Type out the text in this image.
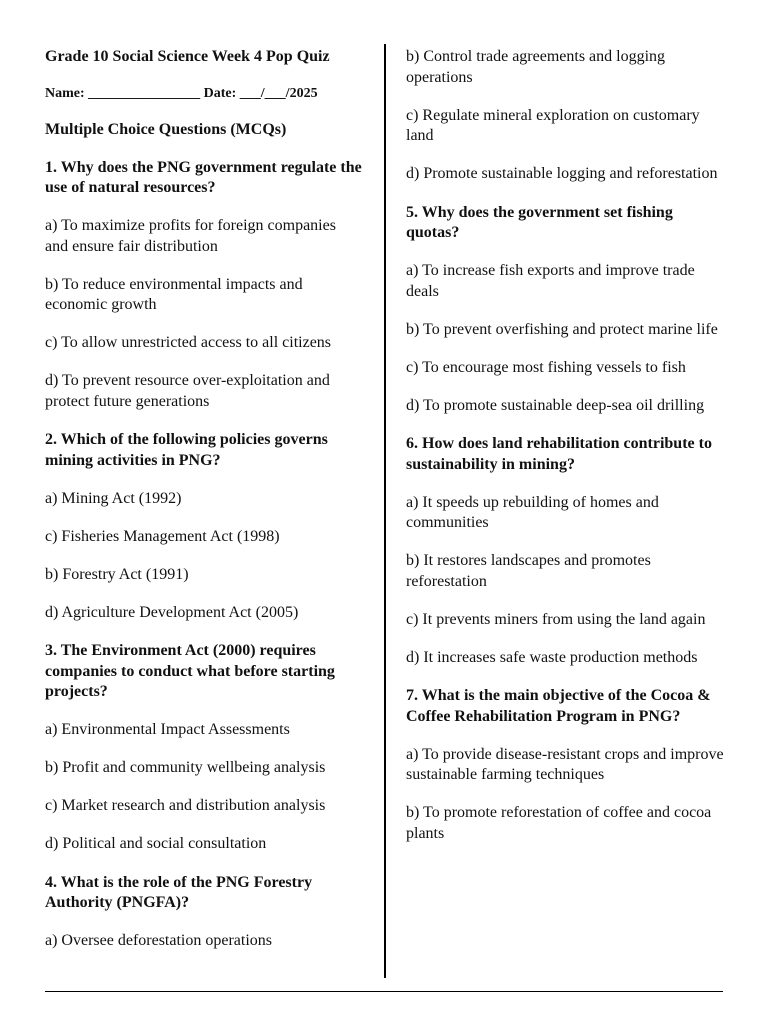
Grade 10 Social Science Week 4 Pop Quiz
Name: ________________ Date: ___/___/2025
Multiple Choice Questions (MCQs)
1. Why does the PNG government regulate the use of natural resources?
a) To maximize profits for foreign companies and ensure fair distribution
b) To reduce environmental impacts and economic growth
c) To allow unrestricted access to all citizens
d) To prevent resource over-exploitation and protect future generations
2. Which of the following policies governs mining activities in PNG?
a) Mining Act (1992)
c) Fisheries Management Act (1998)
b) Forestry Act (1991)
d) Agriculture Development Act (2005)
3. The Environment Act (2000) requires companies to conduct what before starting projects?
a) Environmental Impact Assessments
b) Profit and community wellbeing analysis
c) Market research and distribution analysis
d) Political and social consultation
4. What is the role of the PNG Forestry Authority (PNGFA)?
a) Oversee deforestation operations
b) Control trade agreements and logging operations
c) Regulate mineral exploration on customary land
d) Promote sustainable logging and reforestation
5. Why does the government set fishing quotas?
a) To increase fish exports and improve trade deals
b) To prevent overfishing and protect marine life
c) To encourage most fishing vessels to fish
d) To promote sustainable deep-sea oil drilling
6. How does land rehabilitation contribute to sustainability in mining?
a) It speeds up rebuilding of homes and communities
b) It restores landscapes and promotes reforestation
c) It prevents miners from using the land again
d) It increases safe waste production methods
7. What is the main objective of the Cocoa & Coffee Rehabilitation Program in PNG?
a) To provide disease-resistant crops and improve sustainable farming techniques
b) To promote reforestation of coffee and cocoa plants
